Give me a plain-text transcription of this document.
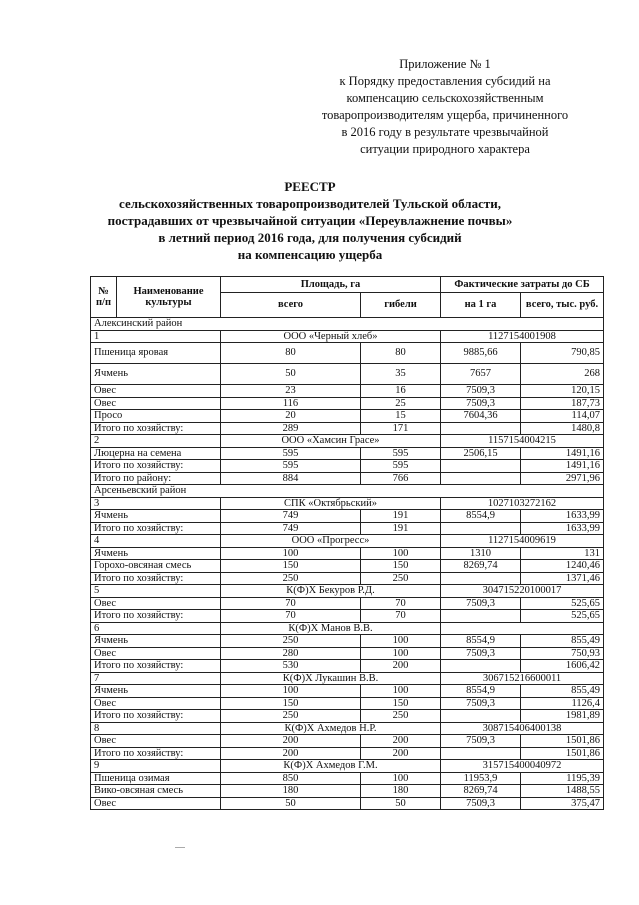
Приложение № 1
к Порядку предоставления субсидий на
компенсацию сельскохозяйственным
товаропроизводителям ущерба, причиненного
в 2016 году в результате чрезвычайной
ситуации природного характера
РЕЕСТР
сельскохозяйственных товаропроизводителей Тульской области,
пострадавших от чрезвычайной ситуации «Переувлажнение почвы»
в летний период 2016 года, для получения субсидий
на компенсацию ущерба
№ п/п	Наименование культуры	Площадь, га		Фактические затраты до СБ	
		всего	гибели	на 1 га	всего, тыс. руб.
Алексинский район					
1		ООО «Черный хлеб»		1127154001908	
Пшеница яровая		80	80	9885,66	790,85
Ячмень		50	35	7657	268
Овес		23	16	7509,3	120,15
Овес		116	25	7509,3	187,73
Просо		20	15	7604,36	114,07
Итого по хозяйству:		289	171		1480,8
2		ООО «Хамсин Грасе»		1157154004215	
Люцерна на семена		595	595	2506,15	1491,16
Итого по хозяйству:		595	595		1491,16
Итого по району:		884	766		2971,96
Арсеньевский район					
3		СПК «Октябрьский»		1027103272162	
Ячмень		749	191	8554,9	1633,99
Итого по хозяйству:		749	191		1633,99
4		ООО «Прогресс»		1127154009619	
Ячмень		100	100	1310	131
Горохо-овсяная смесь		150	150	8269,74	1240,46
Итого по хозяйству:		250	250		1371,46
5		К(Ф)Х Бекуров Р.Д.		304715220100017	
Овес		70	70	7509,3	525,65
Итого по хозяйству:		70	70		525,65
6		К(Ф)Х Манов В.В.			
Ячмень		250	100	8554,9	855,49
Овес		280	100	7509,3	750,93
Итого по хозяйству:		530	200		1606,42
7		К(Ф)Х Лукашин В.В.		306715216600011	
Ячмень		100	100	8554,9	855,49
Овес		150	150	7509,3	1126,4
Итого по хозяйству:		250	250		1981,89
8		К(Ф)Х Ахмедов Н.Р.		308715406400138	
Овес		200	200	7509,3	1501,86
Итого по хозяйству:		200	200		1501,86
9		К(Ф)Х Ахмедов Г.М.		315715400040972	
Пшеница озимая		850	100	11953,9	1195,39
Вико-овсяная смесь		180	180	8269,74	1488,55
Овес		50	50	7509,3	375,47
